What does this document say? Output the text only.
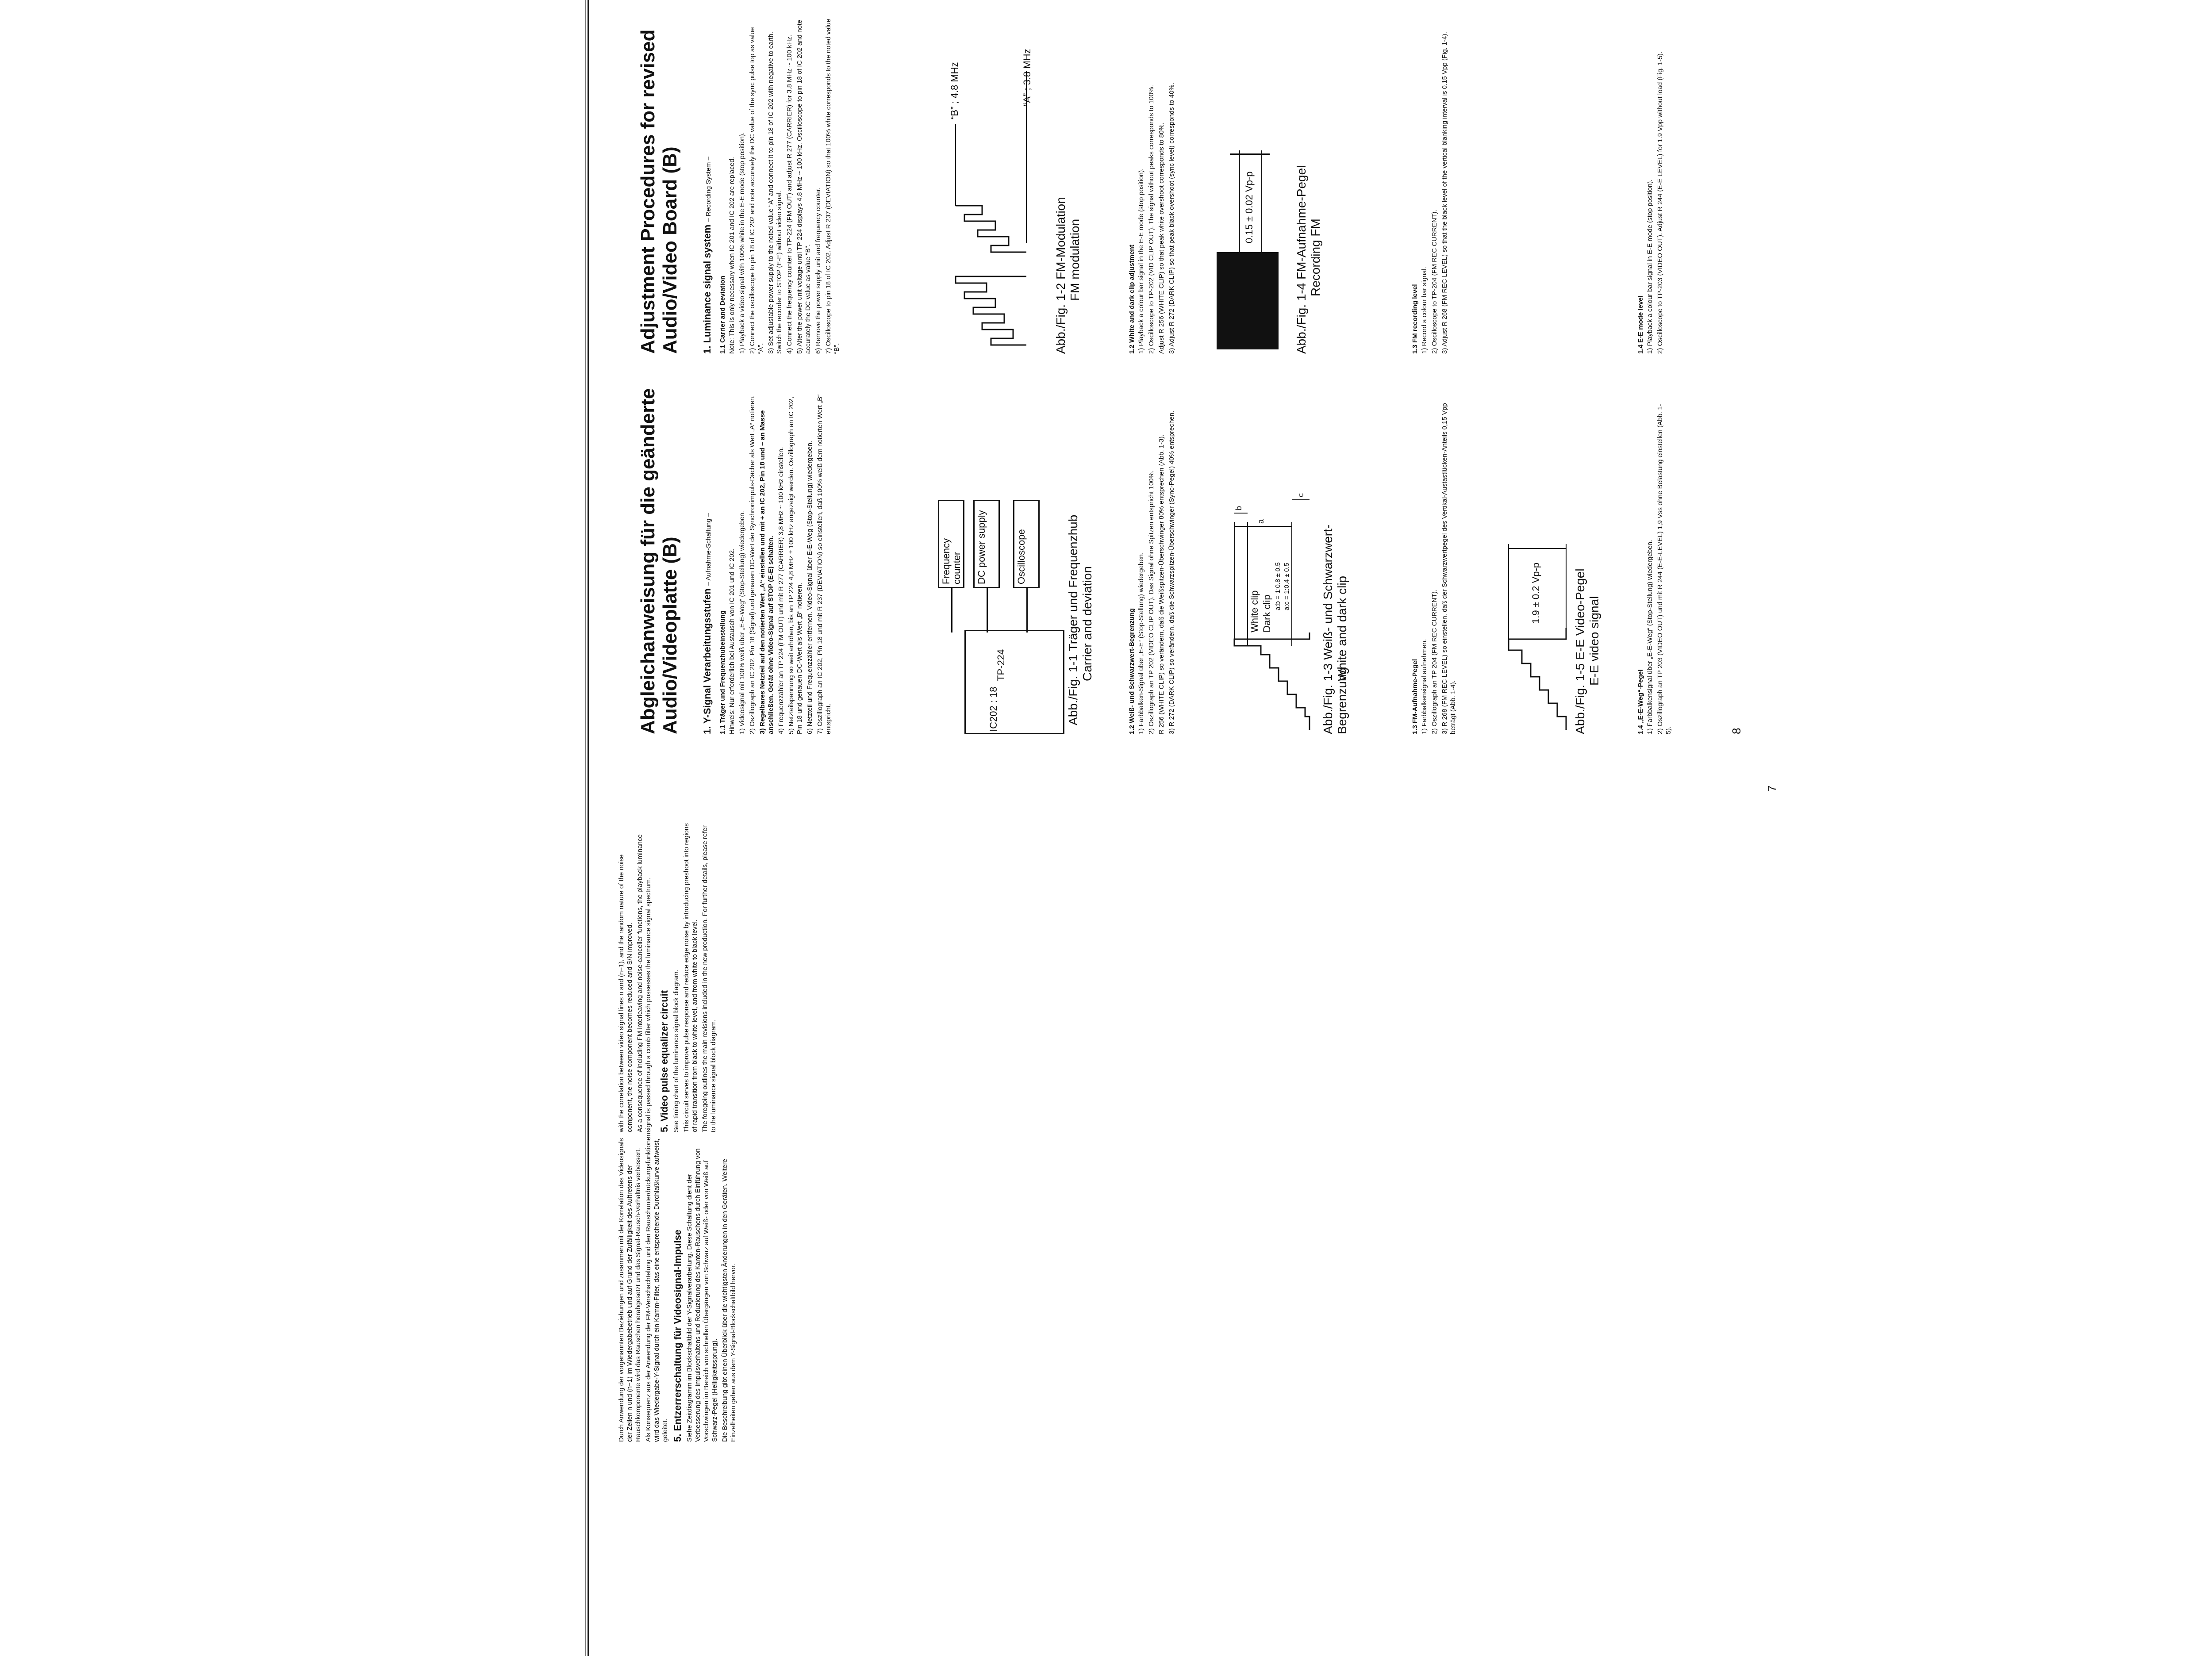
Durch Anwendung der vorgenannten Beziehungen und zusammen mit der Korrelation des Videosignals der Zeilen n und (n−1) im Wiedergabebetrieb und auf Grund der Zufälligkeit des Auftretens der Rauschkomponente wird das Rauschen herabgesetzt und das Signal-Rausch-Verhältnis verbessert. Als Konsequenz aus der Anwendung der FM-Verschachtelung und den Rauschunterdrückungsfunktionen wird das Wiedergabe-Y-Signal durch ein Kamm-Filter, das eine entsprechende Durchlaßkurve aufweist, geleitet. 5. Entzerrerschaltung für Videosignal-Impulse Siehe Zeitdiagramm im Blockschaltbild der Y-Signalverarbeitung. Diese Schaltung dient der Verbesserung des Impulsverhaltens und Reduzierung des Kanten-Rauschens durch Einführung von Vorschwingen im Bereich von schnellen Übergängen von Schwarz auf Weiß- oder von Weiß auf Schwarz-Pegel (Helligkeitssprung). Die Beschreibung gibt einen Überblick über die wichtigsten Änderungen in den Geräten. Weitere Einzelheiten gehen aus dem Y-Signal-Blockschaltbild hervor.

with the correlation between video signal lines n and (n−1), and the random nature of the noise component, the noise component becomes reduced and S/N improved. As a consequence of including FM interleaving and noise-canceller functions, the playback luminance signal is passed through a comb filter which possesses the luminance signal spectrum. 5. Video pulse equalizer circuit See timing chart of the luminance signal block diagram. This circuit serves to improve pulse response and reduce edge noise by introducing preshoot into regions of rapid transition from black to white level, and from white to black level. The foregoing outlines the main revisions included in the new production. For further details, please refer to the luminance signal block diagram.

7
8
Abgleichanweisung für die geänderte Audio/Videoplatte (B) 1. Y-Signal Verarbeitungsstufen – Aufnahme-Schaltung –
1.1 Träger und Frequenzhubeinstellung Hinweis: Nur erforderlich bei Austausch von IC 201 und IC 202. 1) Videosignal mit 100% weiß über „E-E-Weg“ (Stop-Stellung) wiedergeben. 2) Oszillograph an IC 202, Pin 18 (Signal) und genauen DC-Wert der Synchronimpuls-Dächer als Wert „A“ notieren. 3) Regelbares Netzteil auf den notierten Wert „A“ einstellen und mit + an IC 202, Pin 18 und − an Masse anschließen. Gerät ohne Video-Signal auf STOP (E-E) schalten. 4) Frequenzzähler an TP 224 (FM OUT) und mit R 277 (CARRIER) 3,8 MHz ~ 100 kHz einstellen. 5) Netzteilspannung so weit erhöhen, bis an TP 224 4,8 MHz ± 100 kHz angezeigt werden. Oszillograph an IC 202, Pin 18 und genauen DC-Wert als Wert „B“ notieren. 6) Netzteil und Frequenzzähler entfernen. Video-Signal über E-E-Weg (Stop-Stellung) wiedergeben. 7) Oszillograph an IC 202, Pin 18 und mit R 237 (DEVIATION) so einstellen, daß 100% weiß dem notierten Wert „B“ entspricht.	IC202 : 18
TP-224
Frequency counter DC power supply	Oscilloscope	Abb./Fig. 1-1 Träger und Frequenzhub Carrier and deviation	1.2 Weiß- und Schwarzwert-Begrenzung 1) Farbbalken-Signal über „E-E“ (Stop-Stellung) wiedergeben. 2) Oszillograph an TP 202 (VIDEO CLIP OUT). Das Signal ohne Spitzen entspricht 100%. R 256 (WHITE CLIP) so verändern, daß die Weißspitzen-Überschwinger 80% entsprechen (Abb. 1-3). 3) R 272 (DARK CLIP) so verändern, daß die Schwarzspitzen-Überschwinger (Sync-Pegel) 40% entsprechen.	White clip Dark clip
a:b = 1:0.8 ± 0.5 a:c = 1:0.4 ± 0.5
a
b
c
Abb./Fig. 1-3 Weiß- und Schwarzwert-Begrenzung
White and dark clip
1.3 FM-Aufnahme-Pegel 1) Farbbalkensignal aufnehmen. 2) Oszillograph an TP 204 (FM REC CURRENT). 3) R 268 (FM REC LEVEL) so einstellen, daß der Schwarzwertpegel des Vertikal-Austastlücken-Anteils 0,15 Vpp beträgt (Abb. 1-4).

1.9 ± 0.2 Vp-p	Abb./Fig. 1-5 E-E Video-Pegel E-E video signal
1.4 „E-E-Weg“-Pegel 1) Farbbalkensignal über „E-E-Weg“ (Stop-Stellung) wiedergeben. 2) Oszillograph an TP 203 (VIDEO OUT) und mit R 244 (E-E-LEVEL) 1,9 Vss ohne Belastung einstellen (Abb. 1-5).

Adjustment Procedures for revised Audio/Video Board (B) 1. Luminance signal system – Recording System –
1.1 Carrier and Deviation Note: This is only necessary when IC 201 and IC 202 are replaced. 1) Playback a video signal with 100% white in the E-E mode (stop position). 2) Connect the oscilloscope to pin 18 of IC 202 and note accurately the DC value of the sync pulse top as value “A”. 3) Set adjustable power supply to the noted value “A” and connect it to pin 18 of IC 202 with negative to earth. Switch the recorder to STOP (E-E) without video signal. 4) Connect the frequency counter to TP-224 (FM OUT) and adjust R 277 (CARRIER) for 3.8 MHz ~ 100 kHz. 5) Alter the power unit voltage until TP 224 displays 4.8 MHz ~ 100 kHz. Oscilloscope to pin 18 of IC 202 and note accurately the DC value as value “B”. 6) Remove the power supply unit and frequency counter. 7) Oscilloscope to pin 18 of IC 202. Adjust R 237 (DEVIATION) so that 100% white corresponds to the noted value “B”.

“B” ; 4.8 MHz	“A” ; 3.8 MHz
Abb./Fig. 1-2 FM-Modulation FM modulation	1.2 White and dark clip adjustment 1) Playback a colour bar signal in the E-E mode (stop position). 2) Oscilloscope to TP-202 (VID CLIP OUT). The signal without peaks corresponds to 100%. Adjust R 256 (WHITE CLIP) so that peak white overshoot corresponds to 80%. 3) Adjust R 272 (DARK CLIP) so that peak black overshoot (sync level) corresponds to 40%.	0.15 ± 0.02 Vp-p	Abb./Fig. 1-4 FM-Aufnahme-Pegel Recording FM
1.3 FM recording level 1) Record a colour bar signal. 2) Oscilloscope to TP-204 (FM REC CURRENT). 3) Adjust R 268 (FM REC LEVEL) so that the black level of the vertical blanking interval is 0.15 Vpp (Fig. 1-4).	1.4 E-E mode level 1) Playback a colour bar signal in E-E mode (stop position). 2) Oscilloscope to TP-203 (VIDEO OUT). Adjust R 244 (E-E LEVEL) for 1.9 Vpp without load (Fig. 1-5).
